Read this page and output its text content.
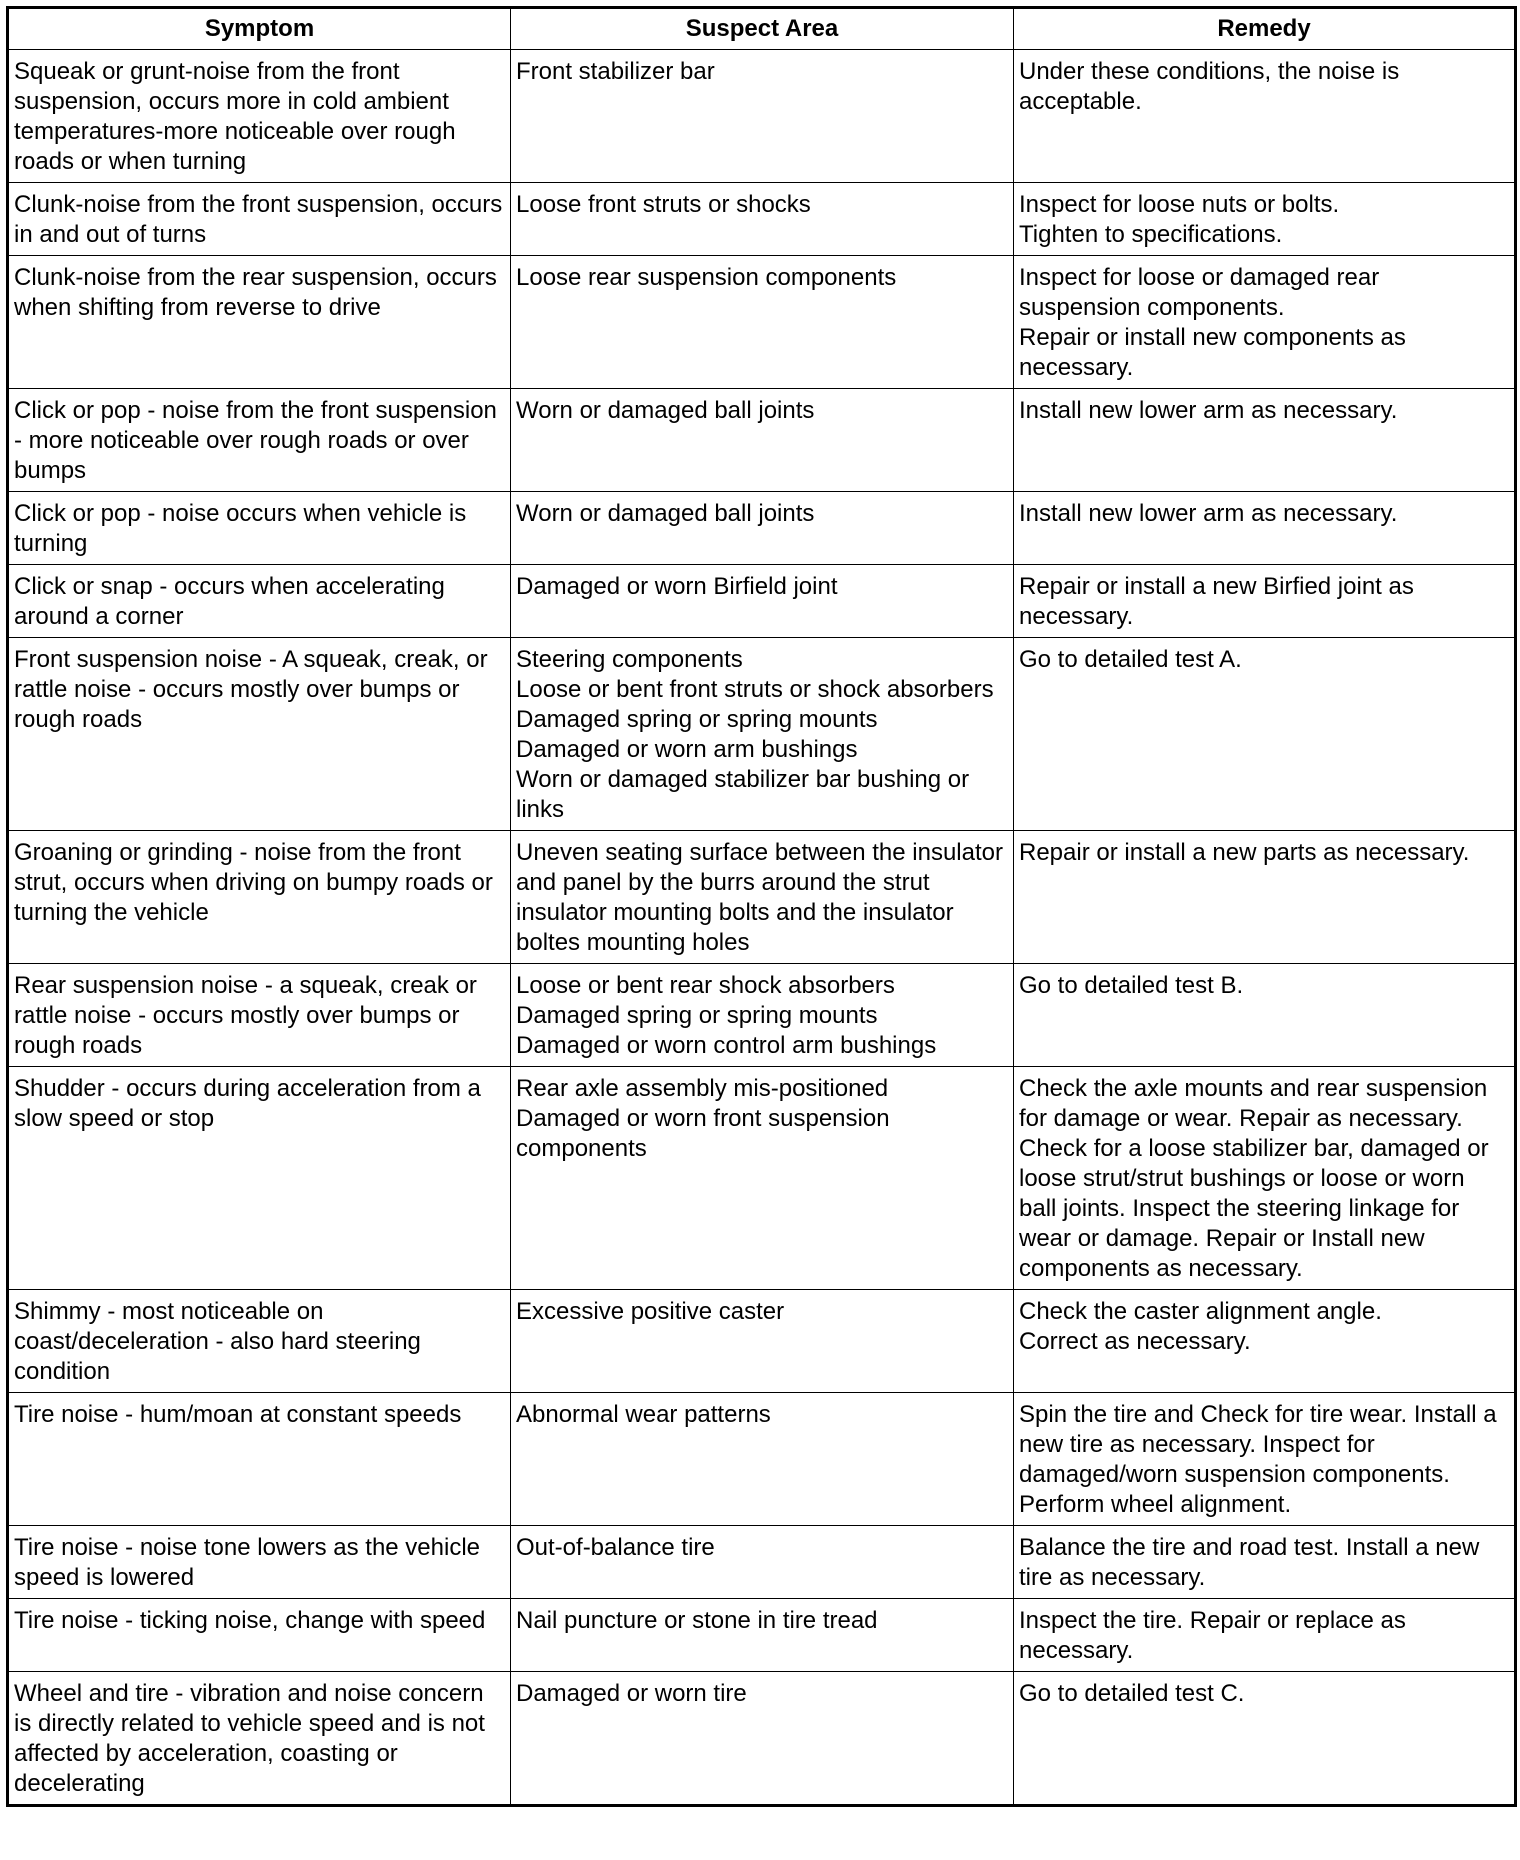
Symptom	Suspect Area	Remedy

Squeak or grunt-noise from the front suspension, occurs more in cold ambient temperatures-more noticeable over rough roads or when turning	Front stabilizer bar	Under these conditions, the noise is acceptable.

Clunk-noise from the front suspension, occurs in and out of turns	Loose front struts or shocks	Inspect for loose nuts or bolts.
Tighten to specifications.

Clunk-noise from the rear suspension, occurs when shifting from reverse to drive	Loose rear suspension components	Inspect for loose or damaged rear suspension components.
Repair or install new components as necessary.

Click or pop - noise from the front suspension - more noticeable over rough roads or over bumps	Worn or damaged ball joints	Install new lower arm as necessary.

Click or pop - noise occurs when vehicle is turning	Worn or damaged ball joints	Install new lower arm as necessary.

Click or snap - occurs when accelerating around a corner	Damaged or worn Birfield joint	Repair or install a new Birfied joint as necessary.

Front suspension noise - A squeak, creak, or rattle noise - occurs mostly over bumps or rough roads	Steering components
Loose or bent front struts or shock absorbers
Damaged spring or spring mounts
Damaged or worn arm bushings
Worn or damaged stabilizer bar bushing or links	Go to detailed test A.

Groaning or grinding - noise from the front strut, occurs when driving on bumpy roads or turning the vehicle	Uneven seating surface between the insulator and panel by the burrs around the strut insulator mounting bolts and the insulator boltes mounting holes	Repair or install a new parts as necessary.

Rear suspension noise - a squeak, creak or rattle noise - occurs mostly over bumps or rough roads	Loose or bent rear shock absorbers
Damaged spring or spring mounts
Damaged or worn control arm bushings	Go to detailed test B.

Shudder - occurs during acceleration from a slow speed or stop	Rear axle assembly mis-positioned
Damaged or worn front suspension components	Check the axle mounts and rear suspension for damage or wear. Repair as necessary. Check for a loose stabilizer bar, damaged or loose strut/strut bushings or loose or worn ball joints. Inspect the steering linkage for wear or damage. Repair or Install new components as necessary.

Shimmy - most noticeable on coast/deceleration - also hard steering condition	Excessive positive caster	Check the caster alignment angle.
Correct as necessary.

Tire noise - hum/moan at constant speeds	Abnormal wear patterns	Spin the tire and Check for tire wear. Install a new tire as necessary. Inspect for damaged/worn suspension components. Perform wheel alignment.

Tire noise - noise tone lowers as the vehicle speed is lowered	Out-of-balance tire	Balance the tire and road test. Install a new tire as necessary.

Tire noise - ticking noise, change with speed	Nail puncture or stone in tire tread	Inspect the tire. Repair or replace as necessary.

Wheel and tire - vibration and noise concern is directly related to vehicle speed and is not affected by acceleration, coasting or decelerating	Damaged or worn tire	Go to detailed test C.
